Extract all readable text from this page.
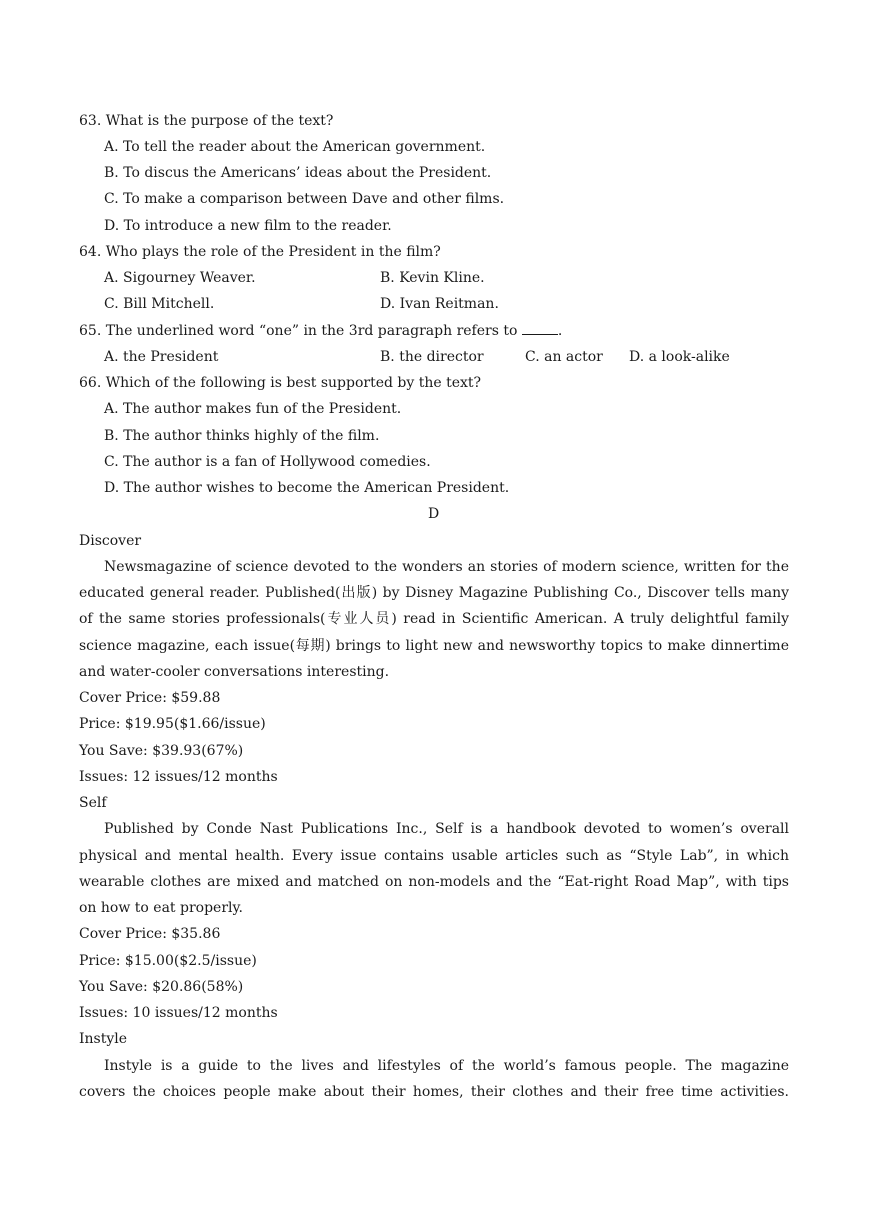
63. What is the purpose of the text?
A. To tell the reader about the American government.
B. To discus the Americans’ ideas about the President.
C. To make a comparison between Dave and other films.
D. To introduce a new film to the reader.
64. Who plays the role of the President in the film?
A. Sigourney Weaver.	B. Kevin Kline.
C. Bill Mitchell.	D. Ivan Reitman.
65. The underlined word “one” in the 3rd paragraph refers to	.
A. the President	B. the director	C. an actor D. a look-alike
66. Which of the following is best supported by the text?
A. The author makes fun of the President.
B. The author thinks highly of the film.
C. The author is a fan of Hollywood comedies.
D. The author wishes to become the American President.
D
Discover
Newsmagazine of science devoted to the wonders an stories of modern science, written for the
educated general reader. Published(出版) by Disney Magazine Publishing Co., Discover tells many
of the same stories professionals(专业人员) read in Scientific American. A truly delightful family
science magazine, each issue(每期) brings to light new and newsworthy topics to make dinnertime
and water-cooler conversations interesting.
Cover Price: $59.88
Price: $19.95($1.66/issue)
You Save: $39.93(67%)
Issues: 12 issues/12 months
Self
Published by Conde Nast Publications Inc., Self is a handbook devoted to women’s overall
physical and mental health. Every issue contains usable articles such as “Style Lab”, in which
wearable clothes are mixed and matched on non-models and the “Eat-right Road Map”, with tips
on how to eat properly.
Cover Price: $35.86
Price: $15.00($2.5/issue)
You Save: $20.86(58%)
Issues: 10 issues/12 months
Instyle
Instyle is a guide to the lives and lifestyles of the world’s famous people. The magazine
covers the choices people make about their homes, their clothes and their free time activities.
